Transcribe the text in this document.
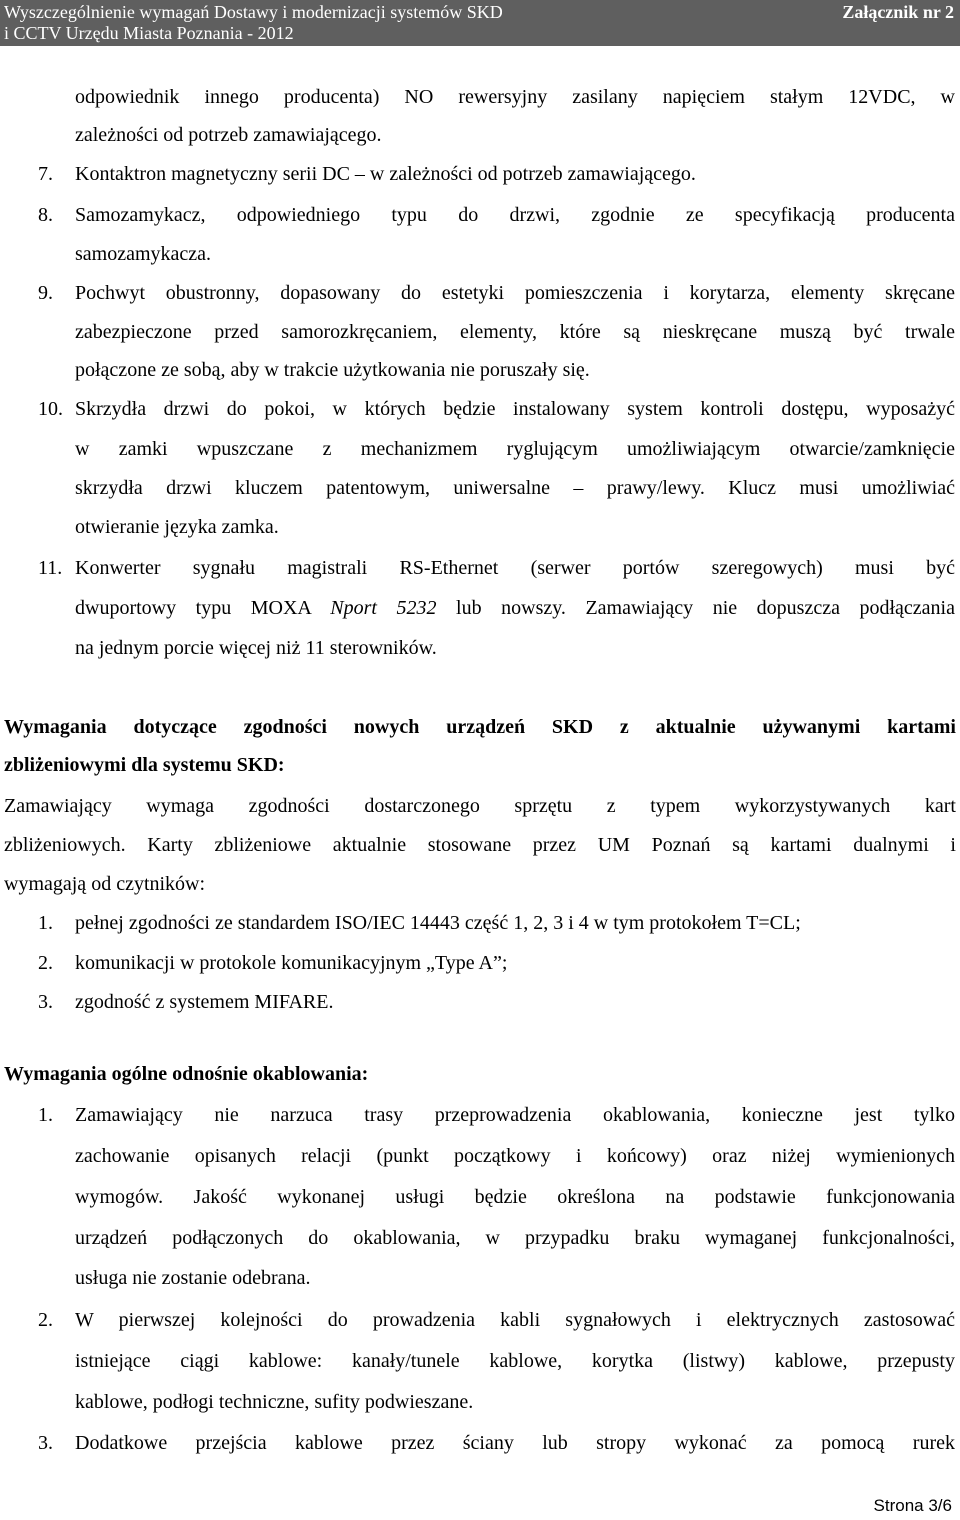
Wyszczególnienie wymagań Dostawy i modernizacji systemów SKD
i CCTV Urzędu Miasta Poznania - 2012
Załącznik nr 2
odpowiednik innego producenta) NO rewersyjny zasilany napięciem stałym 12VDC, w
zależności od potrzeb zamawiającego.
7. Kontaktron magnetyczny serii DC – w zależności od potrzeb zamawiającego.
8. Samozamykacz, odpowiedniego typu do drzwi, zgodnie ze specyfikacją producenta
samozamykacza.
9. Pochwyt obustronny, dopasowany do estetyki pomieszczenia i korytarza, elementy skręcane
zabezpieczone przed samorozkręcaniem, elementy, które są nieskręcane muszą być trwale
połączone ze sobą, aby w trakcie użytkowania nie poruszały się.
10. Skrzydła drzwi do pokoi, w których będzie instalowany system kontroli dostępu, wyposażyć
w zamki wpuszczane z mechanizmem ryglującym umożliwiającym otwarcie/zamknięcie
skrzydła drzwi kluczem patentowym, uniwersalne – prawy/lewy. Klucz musi umożliwiać
otwieranie języka zamka.
11. Konwerter sygnału magistrali RS-Ethernet (serwer portów szeregowych) musi być
dwuportowy typu MOXA Nport 5232 lub nowszy. Zamawiający nie dopuszcza podłączania
na jednym porcie więcej niż 11 sterowników.
Wymagania dotyczące zgodności nowych urządzeń SKD z aktualnie używanymi kartami
zbliżeniowymi dla systemu SKD:
Zamawiający wymaga zgodności dostarczonego sprzętu z typem wykorzystywanych kart
zbliżeniowych. Karty zbliżeniowe aktualnie stosowane przez UM Poznań są kartami dualnymi i
wymagają od czytników:
1. pełnej zgodności ze standardem ISO/IEC 14443 część 1, 2, 3 i 4 w tym protokołem T=CL;
2. komunikacji w protokole komunikacyjnym „Type A”;
3. zgodność z systemem MIFARE.
Wymagania ogólne odnośnie okablowania:
1. Zamawiający nie narzuca trasy przeprowadzenia okablowania, konieczne jest tylko
zachowanie opisanych relacji (punkt początkowy i końcowy) oraz niżej wymienionych
wymogów. Jakość wykonanej usługi będzie określona na podstawie funkcjonowania
urządzeń podłączonych do okablowania, w przypadku braku wymaganej funkcjonalności,
usługa nie zostanie odebrana.
2. W pierwszej kolejności do prowadzenia kabli sygnałowych i elektrycznych zastosować
istniejące ciągi kablowe: kanały/tunele kablowe, korytka (listwy) kablowe, przepusty
kablowe, podłogi techniczne, sufity podwieszane.
3. Dodatkowe przejścia kablowe przez ściany lub stropy wykonać za pomocą rurek
Strona 3/6
